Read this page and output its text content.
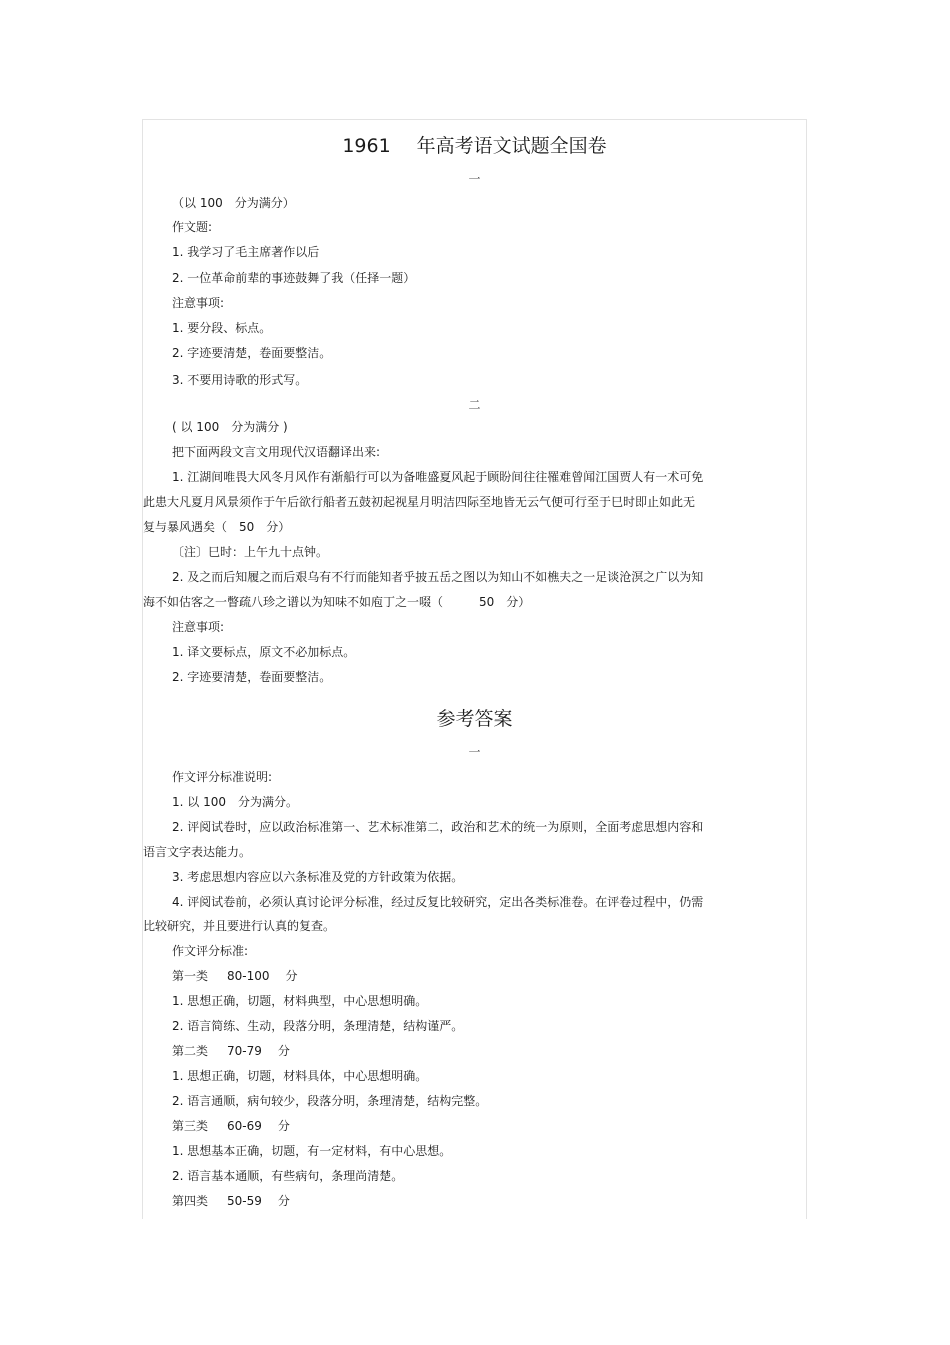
1961 年高考语文试题全国卷
一
（以 100　分为满分）
作文题:
1. 我学习了毛主席著作以后
2. 一位革命前辈的事迹鼓舞了我（任择一题）
注意事项:
1. 要分段、标点。
2. 字迹要清楚，卷面要整洁。
3. 不要用诗歌的形式写。
二
( 以 100　分为满分 )
把下面两段文言文用现代汉语翻译出来:
1. 江湖间唯畏大风冬月风作有渐船行可以为备唯盛夏风起于顾盼间往往罹难曾闻江国贾人有一术可免
此患大凡夏月风景须作于午后欲行船者五鼓初起视星月明洁四际至地皆无云气便可行至于巳时即止如此无
复与暴风遇矣（　50　分）
〔注〕巳时：上午九十点钟。
2. 及之而后知履之而后艰乌有不行而能知者乎披五岳之图以为知山不如樵夫之一足谈沧溟之广以为知
海不如估客之一瞥疏八珍之谱以为知味不如庖丁之一啜（　　　50　分）
注意事项:
1. 译文要标点，原文不必加标点。
2. 字迹要清楚，卷面要整洁。
参考答案
一
作文评分标准说明:
1. 以 100　分为满分。
2. 评阅试卷时，应以政治标准第一、艺术标准第二，政治和艺术的统一为原则，全面考虑思想内容和
语言文字表达能力。
3. 考虑思想内容应以六条标准及党的方针政策为依据。
4. 评阅试卷前，必须认真讨论评分标准，经过反复比较研究，定出各类标准卷。在评卷过程中，仍需
比较研究，并且要进行认真的复查。
作文评分标准:
第一类 80-100 分
1. 思想正确，切题，材料典型，中心思想明确。
2. 语言简练、生动，段落分明，条理清楚，结构谨严。
第二类 70-79 分
1. 思想正确，切题，材料具体，中心思想明确。
2. 语言通顺，病句较少，段落分明，条理清楚，结构完整。
第三类 60-69 分
1. 思想基本正确，切题，有一定材料，有中心思想。
2. 语言基本通顺，有些病句，条理尚清楚。
第四类 50-59 分
